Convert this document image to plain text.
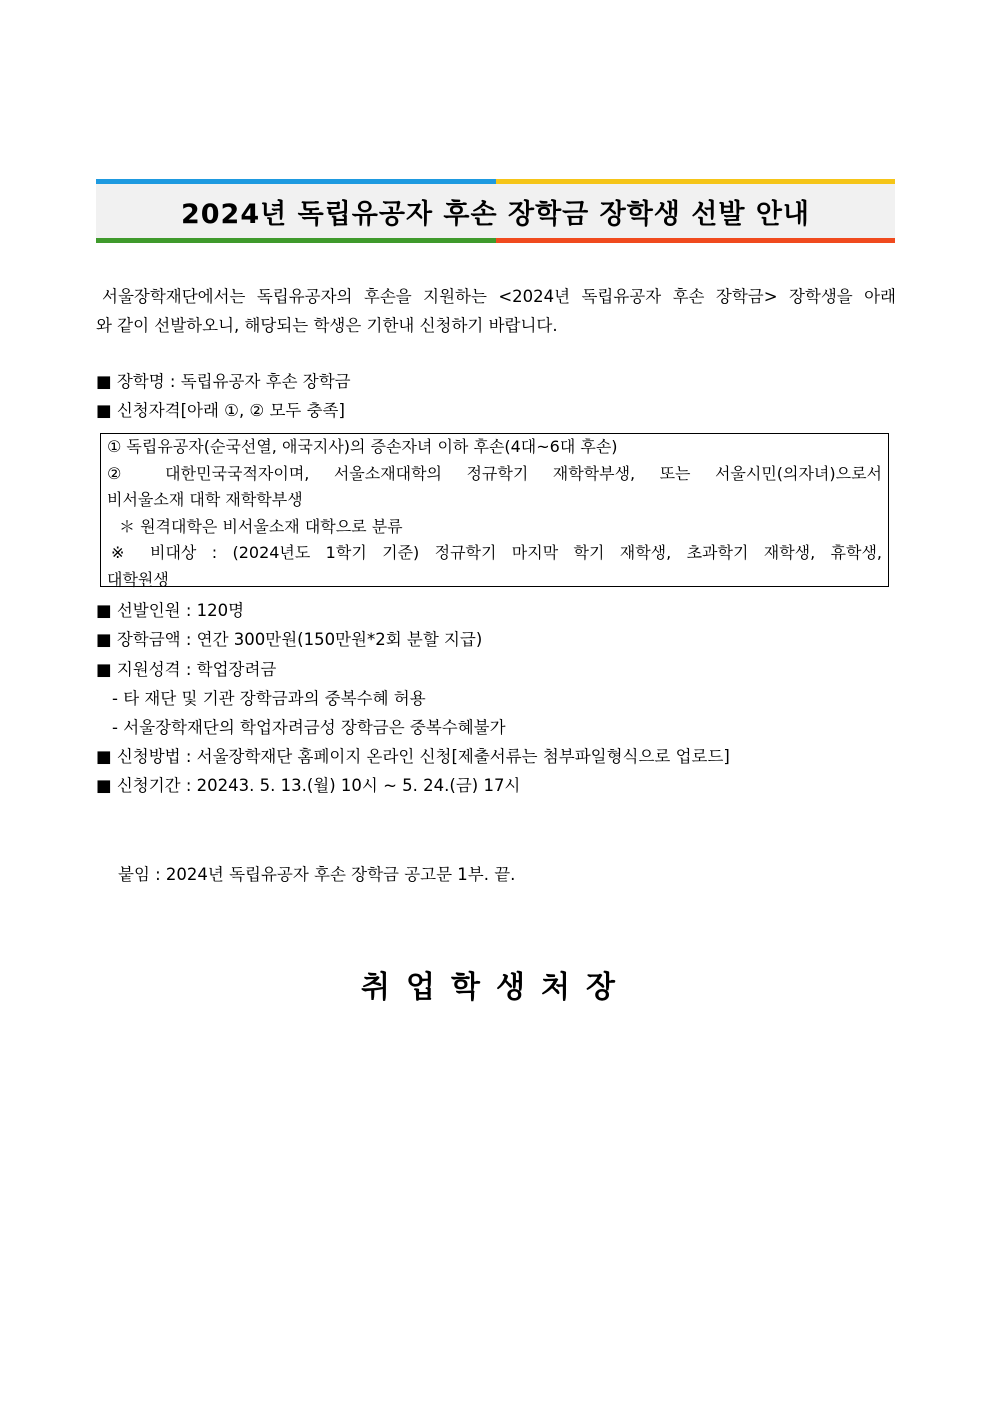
2024년 독립유공자 후손 장학금 장학생 선발 안내
서울장학재단에서는 독립유공자의 후손을 지원하는 <2024년 독립유공자 후손 장학금> 장학생을 아래
와 같이 선발하오니, 해당되는 학생은 기한내 신청하기 바랍니다.
■ 장학명 : 독립유공자 후손 장학금
■ 신청자격[아래 ①, ② 모두 충족]
① 독립유공자(순국선열, 애국지사)의 증손자녀 이하 후손(4대~6대 후손)
② 대한민국국적자이며, 서울소재대학의 정규학기 재학학부생, 또는 서울시민(의자녀)으로서
비서울소재 대학 재학학부생
＊ 원격대학은 비서울소재 대학으로 분류
※ 비대상 : (2024년도 1학기 기준) 정규학기 마지막 학기 재학생, 초과학기 재학생, 휴학생,
대학원생
■ 선발인원 : 120명
■ 장학금액 : 연간 300만원(150만원*2회 분할 지급)
■ 지원성격 : 학업장려금
- 타 재단 및 기관 장학금과의 중복수혜 허용
- 서울장학재단의 학업자려금성 장학금은 중복수혜불가
■ 신청방법 : 서울장학재단 홈페이지 온라인 신청[제출서류는 첨부파일형식으로 업로드]
■ 신청기간 : 20243. 5. 13.(월) 10시 ~ 5. 24.(금) 17시
붙임 : 2024년 독립유공자 후손 장학금 공고문 1부. 끝.
취업학생처장
